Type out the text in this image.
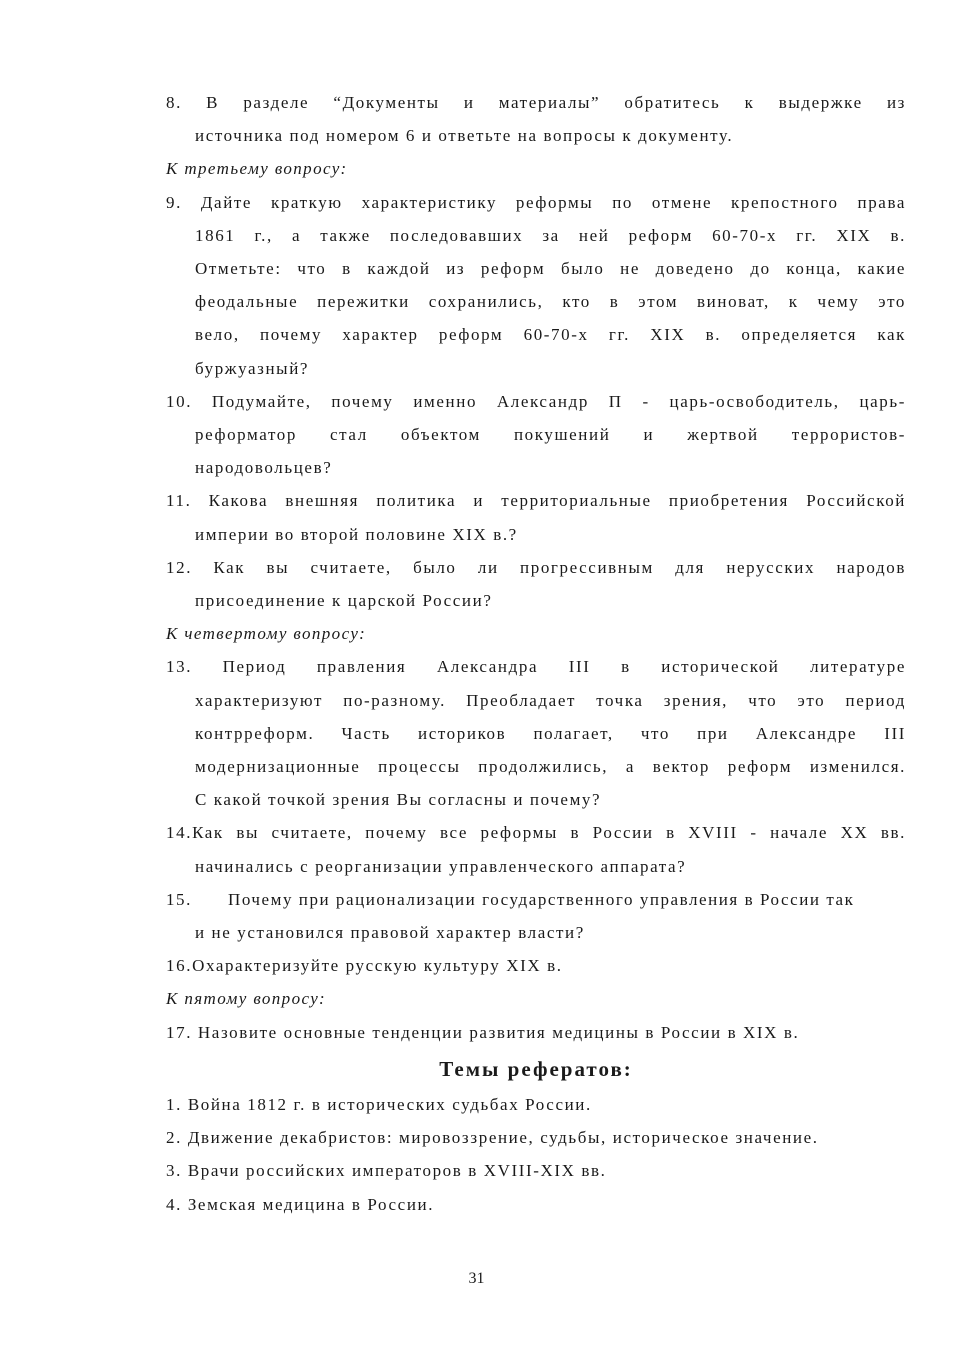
8. В разделе “Документы и материалы” обратитесь к выдержке из
источника под номером 6 и ответьте на вопросы к документу.
К третьему вопросу:
9. Дайте краткую характеристику реформы по отмене крепостного права
1861 г., а также последовавших за ней реформ 60-70-х гг. XIX в.
Отметьте: что в каждой из реформ было не доведено до конца, какие
феодальные пережитки сохранились, кто в этом виноват, к чему это
вело, почему характер реформ 60-70-х гг. XIX в. определяется как
буржуазный?
10. Подумайте, почему именно Александр П - царь-освободитель, царь-
реформатор стал объектом покушений и жертвой террористов-
народовольцев?
11. Какова внешняя политика и территориальные приобретения Российской
империи во второй половине XIX в.?
12. Как вы считаете, было ли прогрессивным для нерусских народов
присоединение к царской России?
К четвертому вопросу:
13. Период правления Александра III в исторической литературе
характеризуют по-разному. Преобладает точка зрения, что это период
контрреформ. Часть историков полагает, что при Александре III
модернизационные процессы продолжились, а вектор реформ изменился.
С какой точкой зрения Вы согласны и почему?
14.Как вы считаете, почему все реформы в России в XVIII - начале XX вв.
начинались с реорганизации управленческого аппарата?
15. Почему при рационализации государственного управления в России так
и не установился правовой характер власти?
16.Охарактеризуйте русскую культуру XIX в.
К пятому вопросу:
17. Назовите основные тенденции развития медицины в России в XIX в.
Темы рефератов:
1. Война 1812 г. в исторических судьбах России.
2. Движение декабристов: мировоззрение, судьбы, историческое значение.
3. Врачи российских императоров в XVIII-XIX вв.
4. Земская медицина в России.
31
